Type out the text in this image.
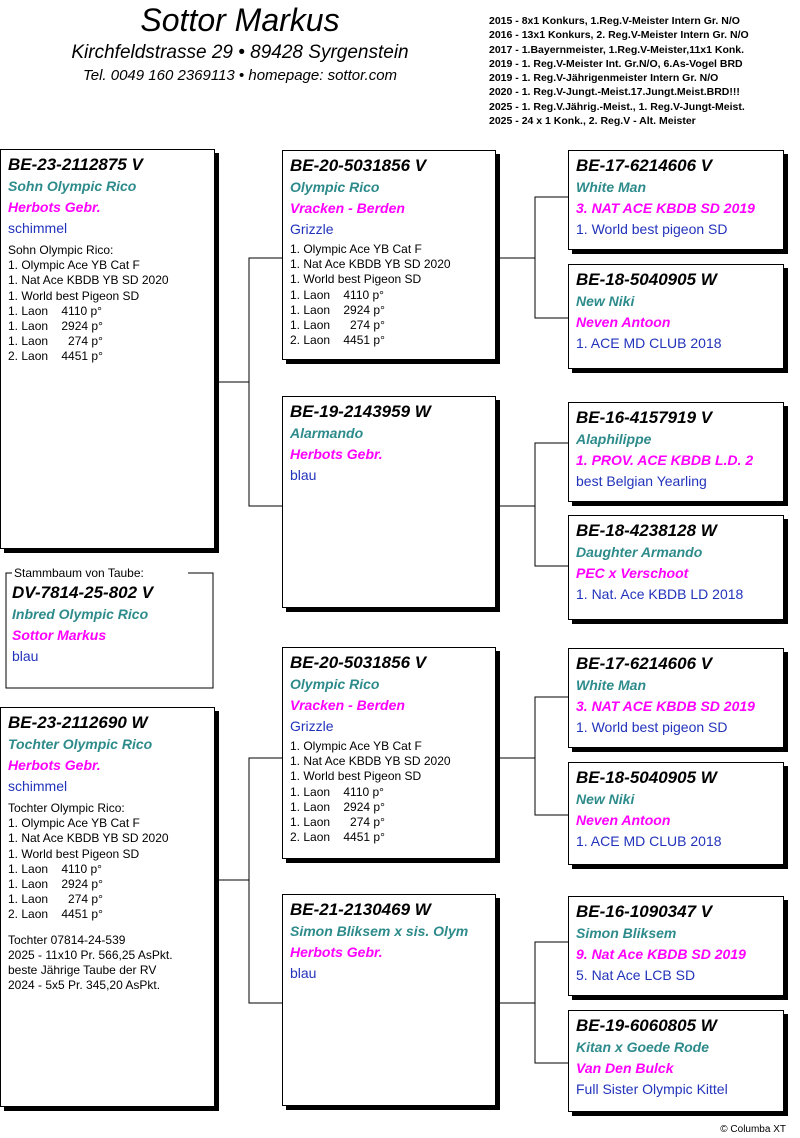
Sottor Markus
Kirchfeldstrasse 29 • 89428 Syrgenstein
Tel. 0049 160 2369113 • homepage: sottor.com
2015 - 8x1 Konkurs, 1.Reg.V-Meister Intern Gr. N/O
2016 - 13x1 Konkurs, 2. Reg.V-Meister Intern Gr. N/O
2017 - 1.Bayernmeister, 1.Reg.V-Meister,11x1 Konk.
2019 - 1. Reg.V-Meister Int. Gr.N/O, 6.As-Vogel BRD
2019 - 1. Reg.V-Jährigenmeister Intern Gr. N/O
2020 - 1. Reg.V-Jungt.-Meist.17.Jungt.Meist.BRD!!!
2025 - 1. Reg.V.Jährig.-Meist., 1. Reg.V-Jungt-Meist.
2025 - 24 x 1 Konk., 2. Reg.V - Alt. Meister
BE-23-2112875 V
Sohn Olympic Rico
Herbots Gebr.
schimmel
Sohn Olympic Rico:
1. Olympic Ace YB Cat F
1. Nat Ace KBDB YB SD 2020
1. World best Pigeon SD
1. Laon    4110 p°
1. Laon    2924 p°
1. Laon      274 p°
2. Laon    4451 p°
Stammbaum von Taube:
DV-7814-25-802 V
Inbred Olympic Rico
Sottor Markus
blau
BE-23-2112690 W
Tochter Olympic Rico
Herbots Gebr.
schimmel
Tochter Olympic Rico:
1. Olympic Ace YB Cat F
1. Nat Ace KBDB YB SD 2020
1. World best Pigeon SD
1. Laon    4110 p°
1. Laon    2924 p°
1. Laon      274 p°
2. Laon    4451 p°
Tochter 07814-24-539
2025 - 11x10 Pr. 566,25 AsPkt.
beste Jährige Taube der RV
2024 - 5x5 Pr. 345,20 AsPkt.
BE-20-5031856 V
Olympic Rico
Vracken - Berden
Grizzle
1. Olympic Ace YB Cat F
1. Nat Ace KBDB YB SD 2020
1. World best Pigeon SD
1. Laon    4110 p°
1. Laon    2924 p°
1. Laon      274 p°
2. Laon    4451 p°
BE-19-2143959 W
Alarmando
Herbots Gebr.
blau
BE-20-5031856 V
Olympic Rico
Vracken - Berden
Grizzle
1. Olympic Ace YB Cat F
1. Nat Ace KBDB YB SD 2020
1. World best Pigeon SD
1. Laon    4110 p°
1. Laon    2924 p°
1. Laon      274 p°
2. Laon    4451 p°
BE-21-2130469 W
Simon Bliksem x sis. Olym
Herbots Gebr.
blau
BE-17-6214606 V
White Man
3. NAT ACE KBDB SD 2019
1. World best pigeon SD
BE-18-5040905 W
New Niki
Neven Antoon
1. ACE MD CLUB 2018
BE-16-4157919 V
Alaphilippe
1. PROV. ACE KBDB L.D. 2
best Belgian Yearling
BE-18-4238128 W
Daughter Armando
PEC x Verschoot
1. Nat. Ace KBDB LD 2018
BE-17-6214606 V
White Man
3. NAT ACE KBDB SD 2019
1. World best pigeon SD
BE-18-5040905 W
New Niki
Neven Antoon
1. ACE MD CLUB 2018
BE-16-1090347 V
Simon Bliksem
9. Nat Ace KBDB SD 2019
5. Nat Ace LCB SD
BE-19-6060805 W
Kitan x Goede Rode
Van Den Bulck
Full Sister Olympic Kittel
© Columba XT
